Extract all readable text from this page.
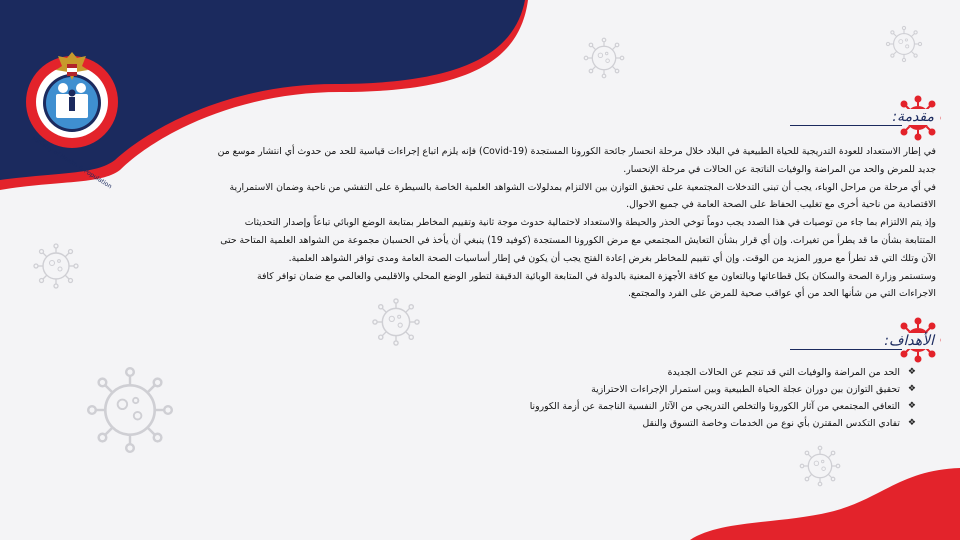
Ministry of Health & Population
مقدمة:

في إطار الاستعداد للعودة التدريجية للحياة الطبيعية في البلاد خلال مرحلة انحسار جائحة الكورونا المستجدة (Covid-19) فإنه يلزم اتباع إجراءات قياسية للحد من حدوث أي انتشار موسع من

جديد للمرض والحد من المراضة والوفيات الناتجة عن الحالات في مرحلة الإنحسار.

في أي مرحلة من مراحل الوباء، يجب أن تبنى التدخلات المجتمعية على تحقيق التوازن بين الالتزام بمدلولات الشواهد العلمية الخاصة بالسيطرة على التفشي من ناحية وضمان الاستمرارية

الاقتصادية من ناحية أخرى مع تغليب الحفاظ على الصحة العامة في جميع الاحوال.

وإذ يتم الالتزام بما جاء من توصيات في هذا الصدد يجب دوماً توخي الحذر والحيطة والاستعداد لاحتمالية حدوث موجة ثانية وتقييم المخاطر بمتابعة الوضع الوبائي تباعاً وإصدار التحديثات

المتتابعة بشأن ما قد يطرأ من تغيرات. وإن أي قرار بشأن التعايش المجتمعي مع مرض الكورونا المستجدة (كوفيد 19) ينبغي أن يأخذ في الحسبان مجموعة من الشواهد العلمية المتاحة حتى

الآن وتلك التي قد تطرأ مع مرور المزيد من الوقت. وإن أي تقييم للمخاطر بغرض إعادة الفتح يجب أن يكون في إطار أساسيات الصحة العامة ومدى توافر الشواهد العلمية.

وستستمر وزارة الصحة والسكان بكل قطاعاتها وبالتعاون مع كافة الأجهزة المعنية بالدولة في المتابعة الوبائية الدقيقة لتطور الوضع المحلي والاقليمي والعالمي مع ضمان توافر كافة

الاجراءات التي من شأنها الحد من أي عواقب صحية للمرض على الفرد والمجتمع.

الأهداف:
❖
الحد من المراضة والوفيات التي قد تنجم عن الحالات الجديدة
❖
تحقيق التوازن بين دوران عجلة الحياة الطبيعية وبين استمرار الإجراءات الاحترازية
❖
التعافي المجتمعي من آثار الكورونا والتخلص التدريجي من الآثار النفسية الناجمة عن أزمة الكورونا
❖
تفادي التكدس المقترن بأي نوع من الخدمات وخاصة التسوق والنقل
